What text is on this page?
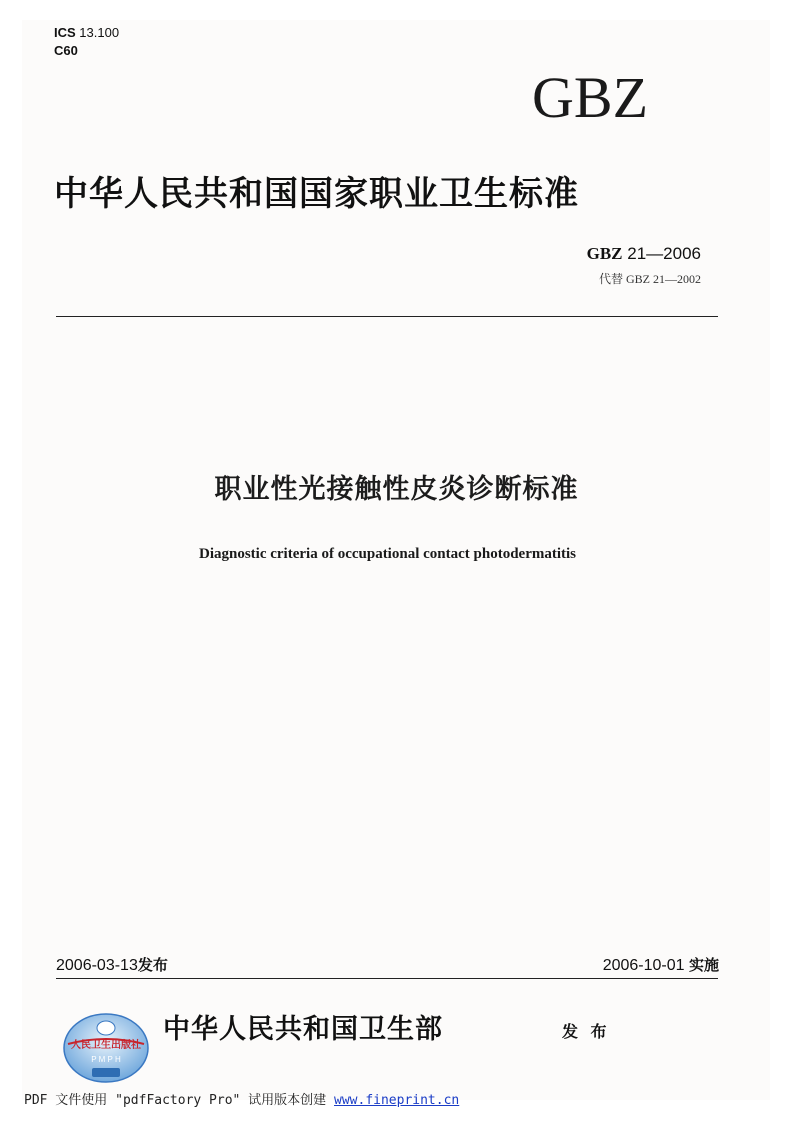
ICS 13.100
C60
GBZ
中华人民共和国国家职业卫生标准
GBZ 21—2006
代替 GBZ 21—2002
职业性光接触性皮炎诊断标准
Diagnostic criteria of occupational contact photodermatitis
2006-03-13发布	2006-10-01 实施
人民卫生出版社
P M P H
中华人民共和国卫生部	发 布
PDF 文件使用 "pdfFactory Pro" 试用版本创建 www.fineprint.cn
